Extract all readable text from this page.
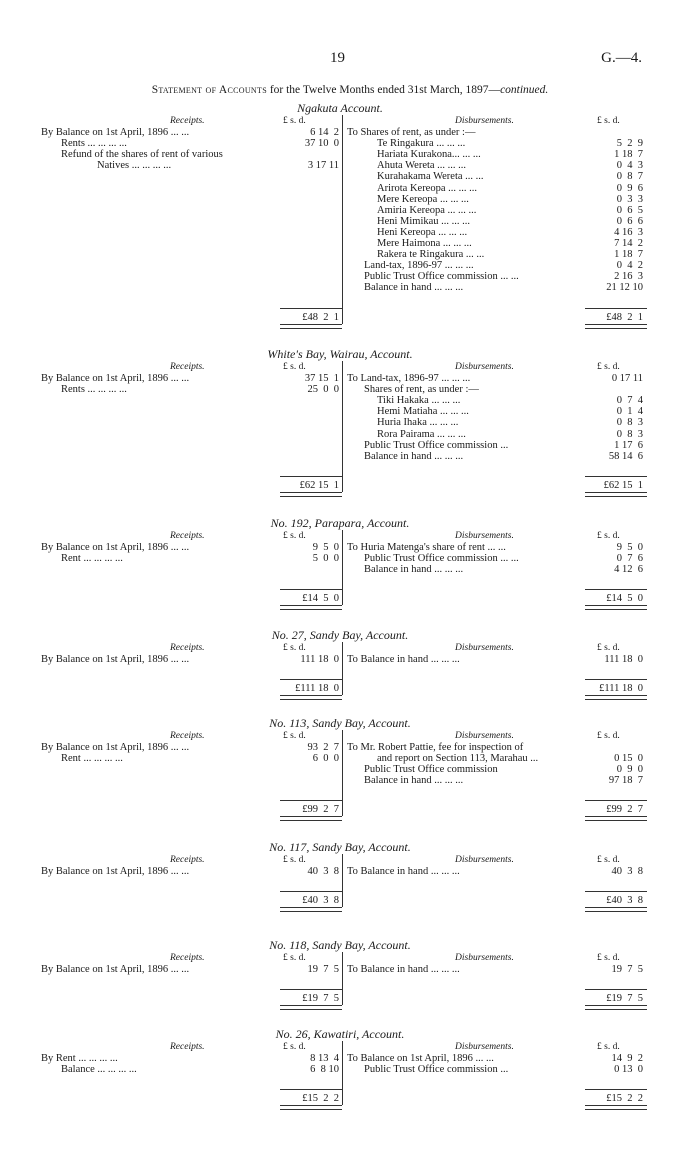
19	G.—4.
Statement of Accounts for the Twelve Months ended 31st March, 1897—continued.
Ngakuta Account.
Receipts.	Disbursements.
£ s. d.	£ s. d.
By Balance on 1st April, 1896 ... ...	6 14  2
Rents ... ... ... ...	37 10  0
Refund of the shares of rent of various
Natives ... ... ... ...	3 17 11
To Shares of rent, as under :—
Te Ringakura ... ... ...	5  2  9
Hariata Kurakona... ... ...	1 18  7
Ahuta Wereta ... ... ...	0  4  3
Kurahakama Wereta ... ...	0  8  7
Arirota Kereopa ... ... ...	0  9  6
Mere Kereopa ... ... ...	0  3  3
Amiria Kereopa ... ... ...	0  6  5
Heni Mimikau ... ... ...	0  6  6
Heni Kereopa ... ... ...	4 16  3
Mere Haimona ... ... ...	7 14  2
Rakera te Ringakura ... ...	1 18  7
Land-tax, 1896-97 ... ... ...	0  4  2
Public Trust Office commission ... ...	2 16  3
Balance in hand ... ... ...	21 12 10
£48  2  1	£48  2  1
White's Bay, Wairau, Account.
Receipts.	Disbursements.
£ s. d.	£ s. d.
By Balance on 1st April, 1896 ... ...	37 15  1
Rents ... ... ... ...	25  0  0
To Land-tax, 1896-97 ... ... ...	0 17 11
Shares of rent, as under :—
Tiki Hakaka ... ... ...	0  7  4
Hemi Matiaha ... ... ...	0  1  4
Huria Ihaka ... ... ...	0  8  3
Rora Pairama ... ... ...	0  8  3
Public Trust Office commission ...	1 17  6
Balance in hand ... ... ...	58 14  6
£62 15  1	£62 15  1
No. 192, Parapara, Account.
Receipts.	Disbursements.
£ s. d.	£ s. d.
By Balance on 1st April, 1896 ... ...	9  5  0
Rent ... ... ... ...	5  0  0
To Huria Matenga's share of rent ... ...	9  5  0
Public Trust Office commission ... ...	0  7  6
Balance in hand ... ... ...	4 12  6
£14  5  0	£14  5  0
No. 27, Sandy Bay, Account.
Receipts.	Disbursements.
£ s. d.	£ s. d.
By Balance on 1st April, 1896 ... ...	111 18  0 To Balance in hand ... ... ...	111 18  0
£111 18  0	£111 18  0
No. 113, Sandy Bay, Account.
Receipts.	Disbursements.
£ s. d.	£ s. d.
By Balance on 1st April, 1896 ... ...	93  2  7
Rent ... ... ... ...	6  0  0
To Mr. Robert Pattie, fee for inspection of
and report on Section 113, Marahau ...	0 15  0
Public Trust Office commission	0  9  0
Balance in hand ... ... ...	97 18  7
£99  2  7	£99  2  7
No. 117, Sandy Bay, Account.
Receipts.	Disbursements.
£ s. d.	£ s. d.
By Balance on 1st April, 1896 ... ...	40  3  8 To Balance in hand ... ... ...	40  3  8
£40  3  8	£40  3  8
No. 118, Sandy Bay, Account.
Receipts.	Disbursements.
£ s. d.	£ s. d.
By Balance on 1st April, 1896 ... ...	19  7  5 To Balance in hand ... ... ...	19  7  5
£19  7  5	£19  7  5
No. 26, Kawatiri, Account.
Receipts.	Disbursements.
£ s. d.	£ s. d.
By Rent ... ... ... ...	8 13  4
Balance ... ... ... ...	6  8 10
To Balance on 1st April, 1896 ... ...	14  9  2
Public Trust Office commission ...	0 13  0
£15  2  2	£15  2  2
